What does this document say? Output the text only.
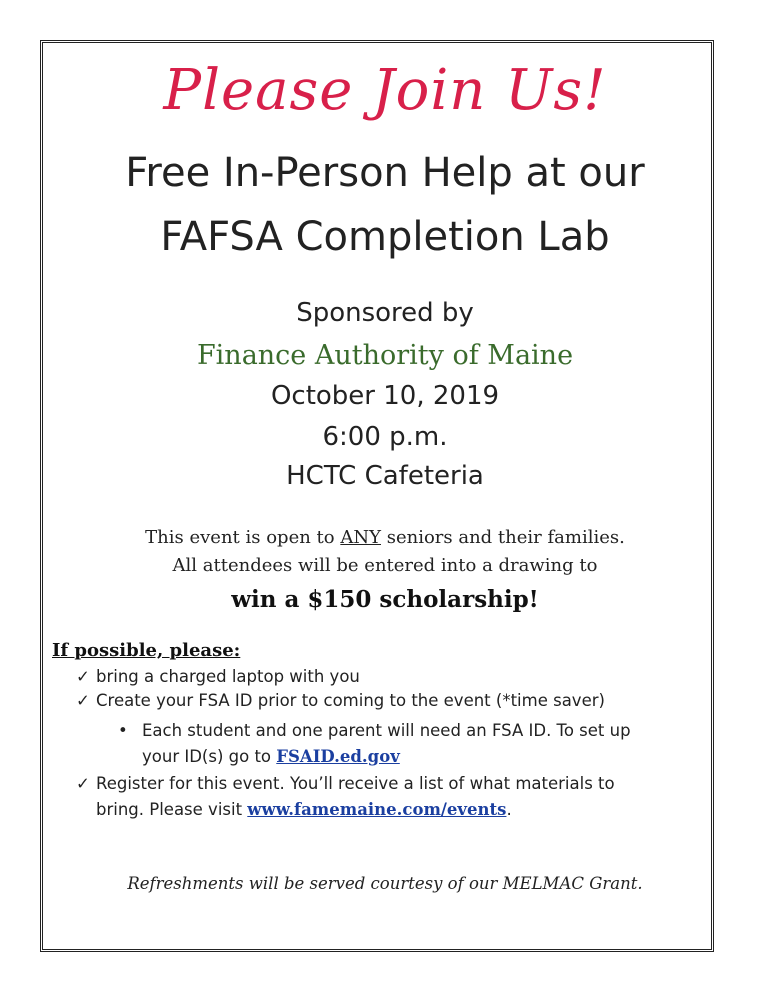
Please Join Us!
Free In-Person Help at our
FAFSA Completion Lab
Sponsored by
Finance Authority of Maine
October 10, 2019
6:00 p.m.
HCTC Cafeteria
This event is open to ANY seniors and their families.
All attendees will be entered into a drawing to
win a $150 scholarship!
If possible, please:
✓ bring a charged laptop with you
✓ Create your FSA ID prior to coming to the event (*time saver)
• Each student and one parent will need an FSA ID. To set up
your ID(s) go to FSAID.ed.gov
✓ Register for this event. You’ll receive a list of what materials to
bring. Please visit www.famemaine.com/events.
Refreshments will be served courtesy of our MELMAC Grant.
